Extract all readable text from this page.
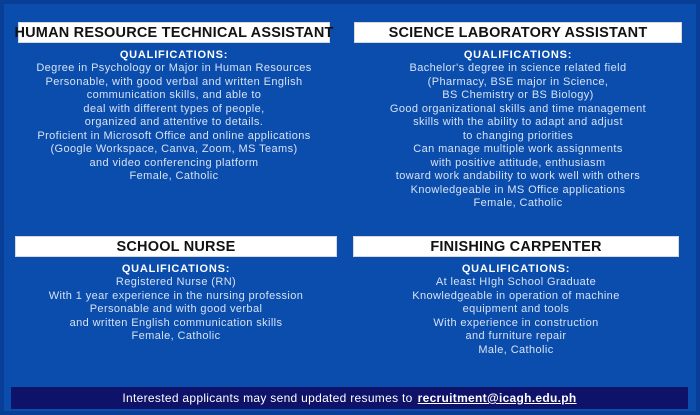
HUMAN RESOURCE TECHNICAL ASSISTANT
QUALIFICATIONS:
Degree in Psychology or Major in Human Resources
Personable, with good verbal and written English
communication skills, and able to
deal with different types of people,
organized and attentive to details.
Proficient in Microsoft Office and online applications
(Google Workspace, Canva, Zoom, MS Teams)
and video conferencing platform
Female, Catholic
SCIENCE LABORATORY ASSISTANT
QUALIFICATIONS:
Bachelor's degree in science related field
(Pharmacy, BSE major in Science,
BS Chemistry or BS Biology)
Good organizational skills and time management
skills with the ability to adapt and adjust
to changing priorities
Can manage multiple work assignments
with positive attitude, enthusiasm
toward work andability to work well with others
Knowledgeable in MS Office applications
Female, Catholic
SCHOOL NURSE
QUALIFICATIONS:
Registered Nurse (RN)
With 1 year experience in the nursing profession
Personable and with good verbal
and written English communication skills
Female, Catholic
FINISHING CARPENTER
QUALIFICATIONS:
At least HIgh School Graduate
Knowledgeable in operation of machine
equipment and tools
With experience in construction
and furniture repair
Male, Catholic
Interested applicants may send updated resumes to recruitment@icagh.edu.ph
